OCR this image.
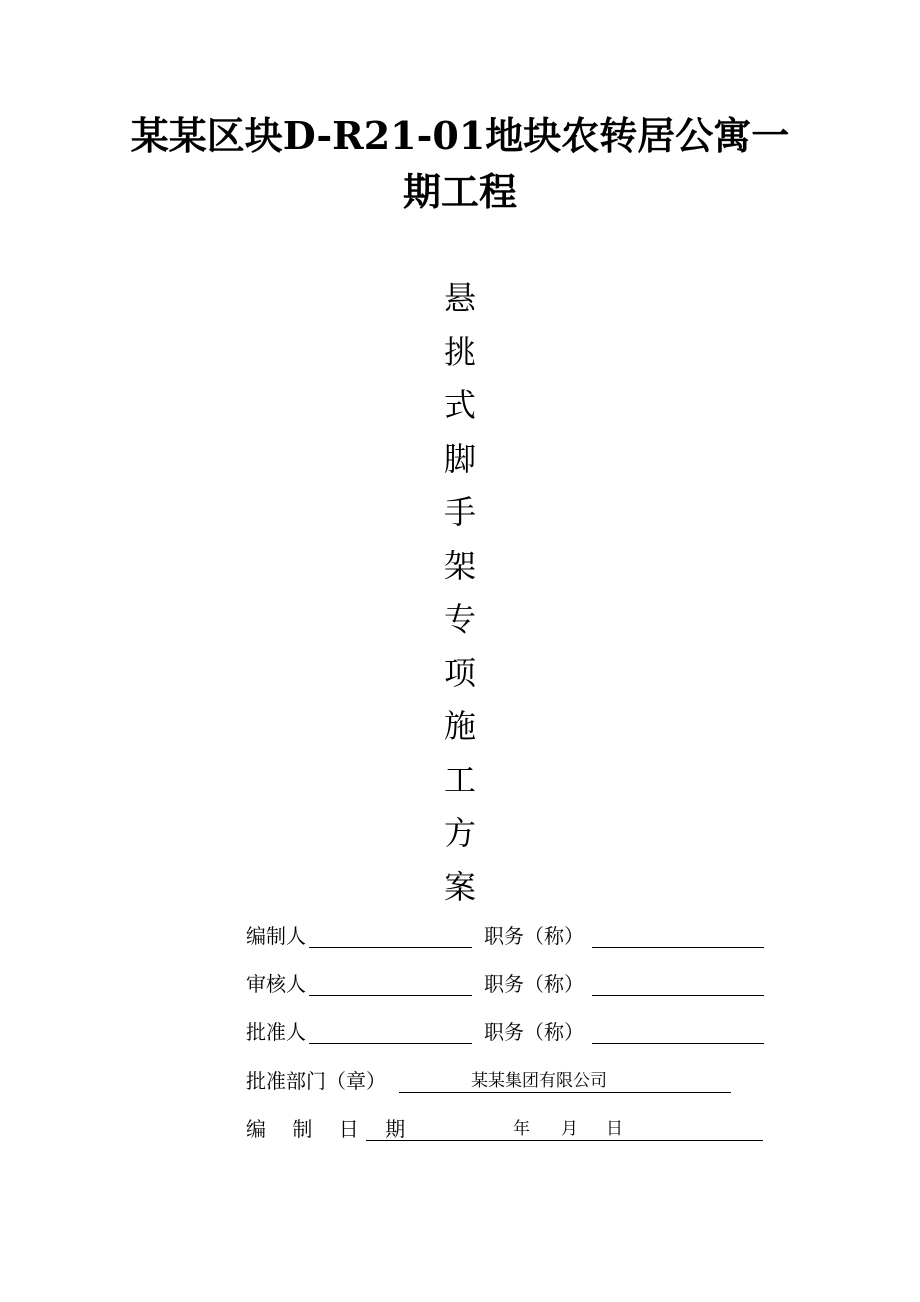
某某区块D-R21-01地块农转居公寓一
期工程
悬
挑
式
脚
手
架
专
项
施
工
方
案
编制人	职务（称）
审核人	职务（称）
批准人	职务（称）
批准部门（章）	某某集团有限公司
编 制 日 期	年 月 日
